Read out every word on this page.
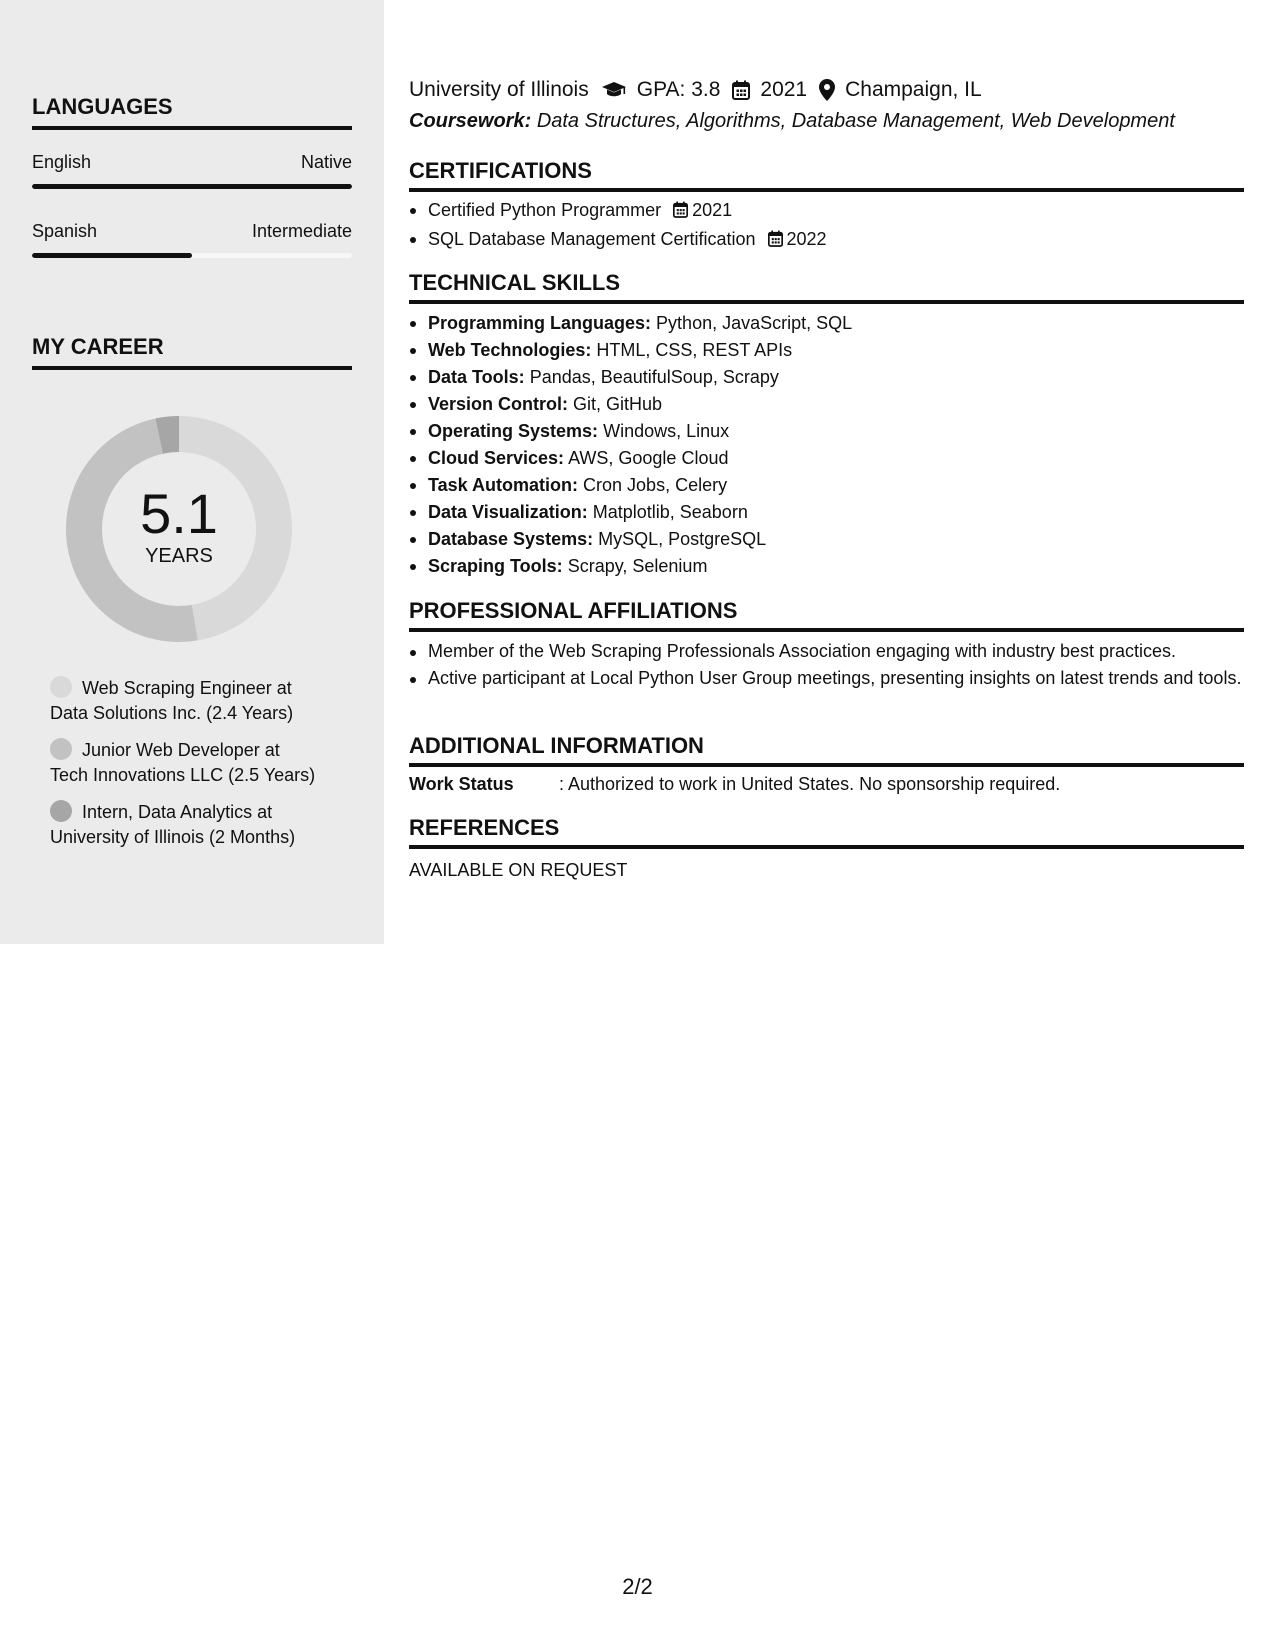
LANGUAGES
English	Native
Spanish	Intermediate
MY CAREER
5.1
YEARS
Web Scraping Engineer at
Data Solutions Inc. (2.4 Years)
Junior Web Developer at
Tech Innovations LLC (2.5 Years)
Intern, Data Analytics at
University of Illinois (2 Months)
University of Illinois GPA: 3.8 2021 Champaign, IL
Coursework: Data Structures, Algorithms, Database Management, Web Development
CERTIFICATIONS
Certified Python Programmer 2021
SQL Database Management Certification 2022
TECHNICAL SKILLS
Programming Languages: Python, JavaScript, SQL
Web Technologies: HTML, CSS, REST APIs
Data Tools: Pandas, BeautifulSoup, Scrapy
Version Control: Git, GitHub
Operating Systems: Windows, Linux
Cloud Services: AWS, Google Cloud
Task Automation: Cron Jobs, Celery
Data Visualization: Matplotlib, Seaborn
Database Systems: MySQL, PostgreSQL
Scraping Tools: Scrapy, Selenium
PROFESSIONAL AFFILIATIONS
Member of the Web Scraping Professionals Association engaging with industry best practices.
Active participant at Local Python User Group meetings, presenting insights on latest trends and tools.
ADDITIONAL INFORMATION
Work Status	: Authorized to work in United States. No sponsorship required.
REFERENCES
AVAILABLE ON REQUEST
2/2
